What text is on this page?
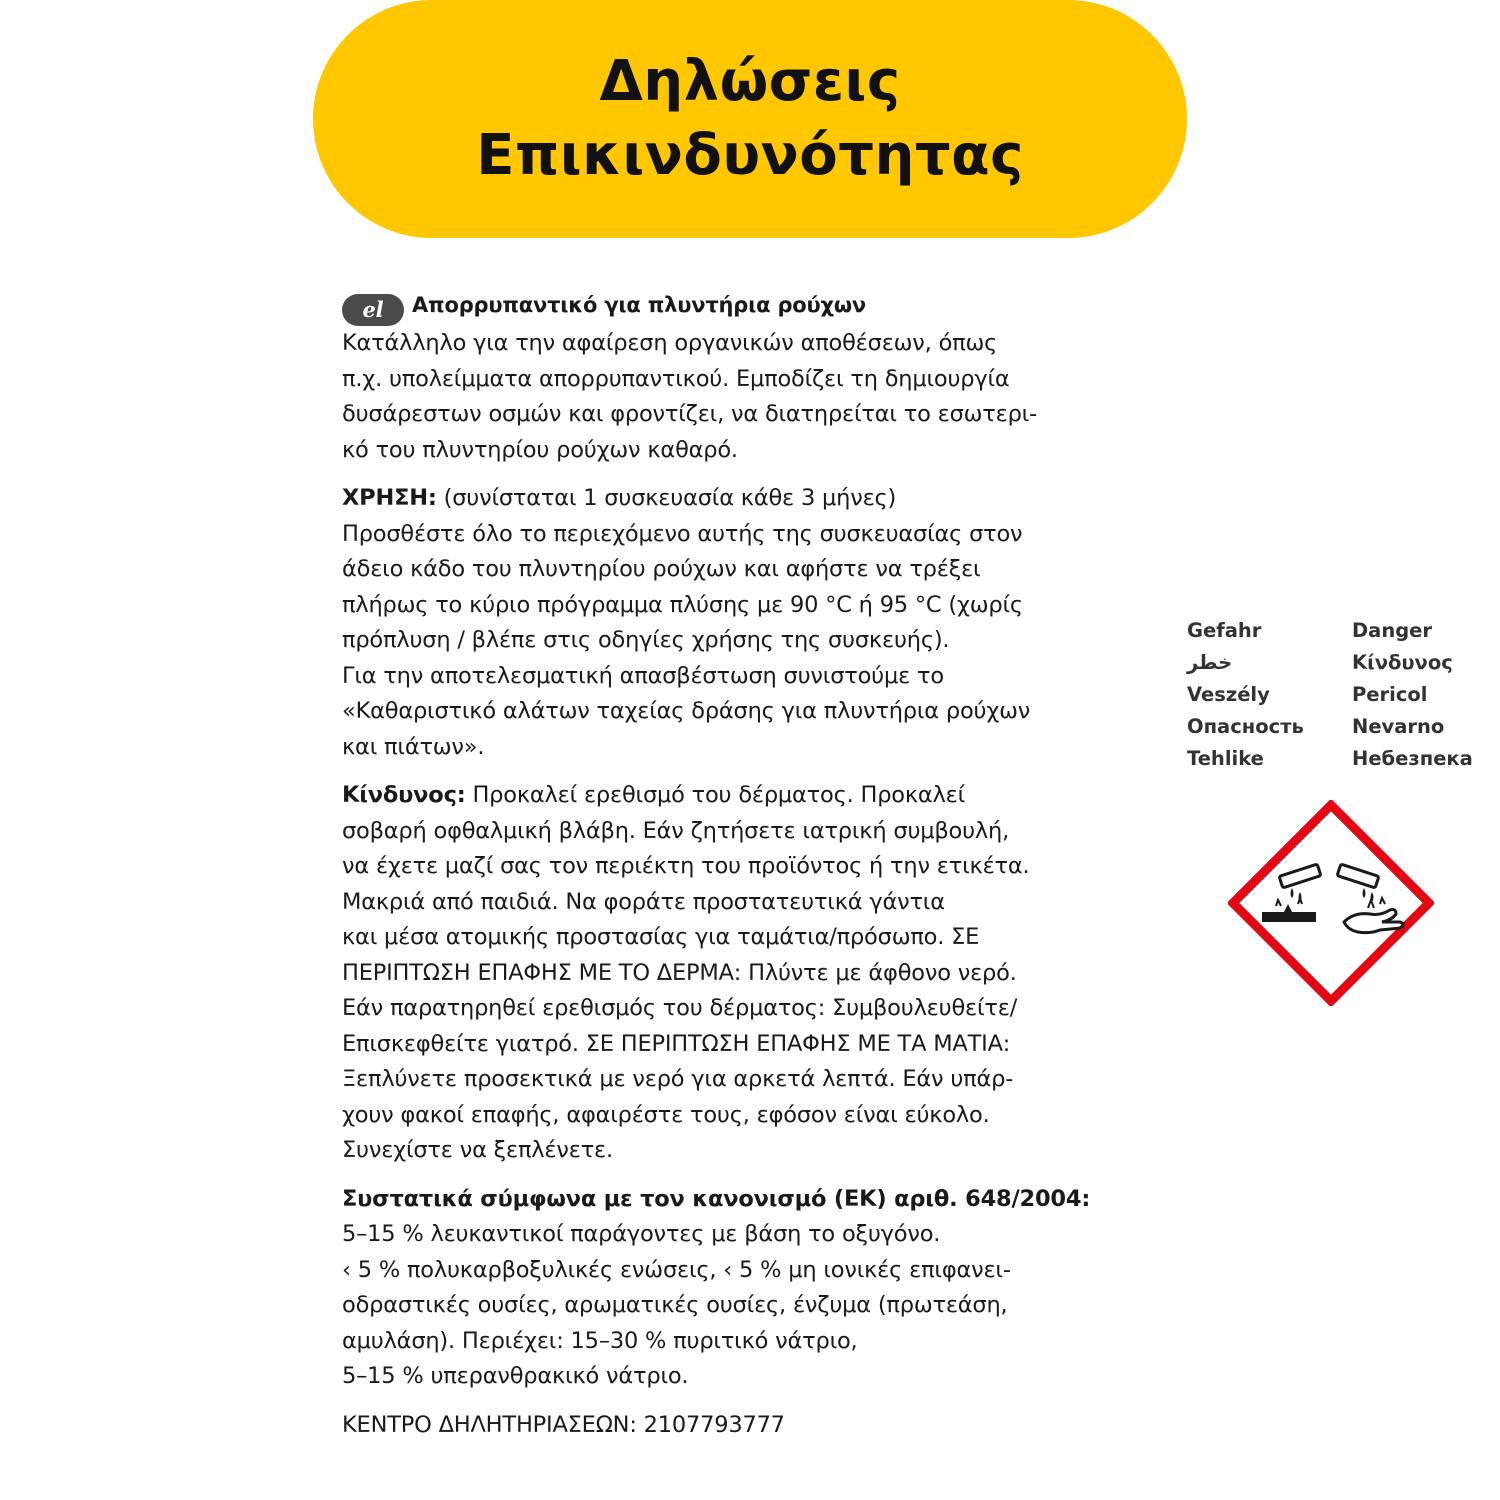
Δηλώσεις
Επικινδυνότητας
el Απορρυπαντικό για πλυντήρια ρούχων
Κατάλληλο για την αφαίρεση οργανικών αποθέσεων, όπως
π.χ. υπολείμματα απορρυπαντικού. Εμποδίζει τη δημιουργία
δυσάρεστων οσμών και φροντίζει, να διατηρείται το εσωτερι-
κό του πλυντηρίου ρούχων καθαρό.
ΧΡΗΣΗ: (συνίσταται 1 συσκευασία κάθε 3 μήνες)
Προσθέστε όλο το περιεχόμενο αυτής της συσκευασίας στον
άδειο κάδο του πλυντηρίου ρούχων και αφήστε να τρέξει
πλήρως το κύριο πρόγραμμα πλύσης με 90 °C ή 95 °C (χωρίς
πρόπλυση / βλέπε στις οδηγίες χρήσης της συσκευής).
Για την αποτελεσματική απασβέστωση συνιστούμε το
«Καθαριστικό αλάτων ταχείας δράσης για πλυντήρια ρούχων
και πιάτων».
Κίνδυνος: Προκαλεί ερεθισμό του δέρματος. Προκαλεί
σοβαρή οφθαλμική βλάβη. Εάν ζητήσετε ιατρική συμβουλή,
να έχετε μαζί σας τον περιέκτη του προϊόντος ή την ετικέτα.
Μακριά από παιδιά. Να φοράτε προστατευτικά γάντια
και μέσα ατομικής προστασίας για ταμάτια/πρόσωπο. ΣΕ
ΠΕΡΙΠΤΩΣΗ ΕΠΑΦΗΣ ΜΕ ΤΟ ΔΕΡΜΑ: Πλύντε με άφθονο νερό.
Εάν παρατηρηθεί ερεθισμός του δέρματος: Συμβουλευθείτε/
Επισκεφθείτε γιατρό. ΣΕ ΠΕΡΙΠΤΩΣΗ ΕΠΑΦΗΣ ΜΕ ΤΑ ΜΑΤΙΑ:
Ξεπλύνετε προσεκτικά με νερό για αρκετά λεπτά. Εάν υπάρ-
χουν φακοί επαφής, αφαιρέστε τους, εφόσον είναι εύκολο.
Συνεχίστε να ξεπλένετε.
Συστατικά σύμφωνα με τον κανονισμό (ΕΚ) αριθ. 648/2004:
5–15 % λευκαντικοί παράγοντες με βάση το οξυγόνο.
‹ 5 % πολυκαρβοξυλικές ενώσεις, ‹ 5 % μη ιονικές επιφανει-
οδραστικές ουσίες, αρωματικές ουσίες, ένζυμα (πρωτεάση,
αμυλάση). Περιέχει: 15–30 % πυριτικό νάτριο,
5–15 % υπερανθρακικό νάτριο.
ΚΕΝΤΡΟ ΔΗΛΗΤΗΡΙΑΣΕΩΝ: 2107793777
Gefahr	Danger
خطر	Κίνδυνος
Veszély	Pericol
Опасность	Nevarno
Tehlike	Небезпека
